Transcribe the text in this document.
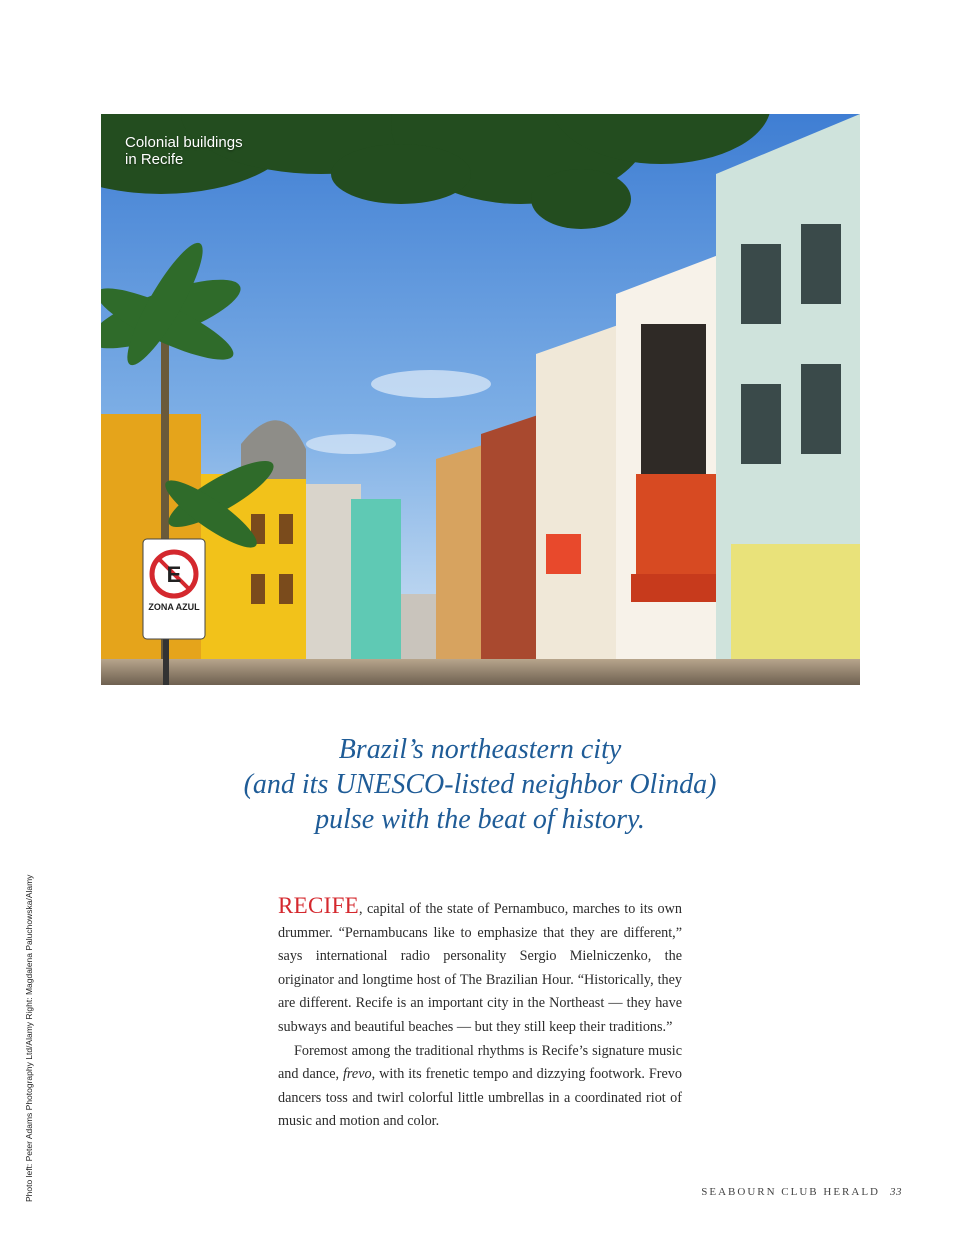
E
ZONA AZUL
Colonial buildings
in Recife
Brazil’s northeastern city
(and its UNESCO-listed neighbor Olinda)
pulse with the beat of history.
Photo left: Peter Adams Photography Ltd/Alamy Right: Magdalena Paluchowska/Alamy	RECIFE, capital of the state of Pernambuco, marches to its own drummer. “Pernambucans like to emphasize that they are different,” says international radio personality Sergio Mielniczenko, the originator and longtime host of The Brazilian Hour. “Historically, they are different. Recife is an important city in the Northeast — they have subways and beautiful beaches — but they still keep their traditions.”

Foremost among the traditional rhythms is Recife’s signature music and dance, frevo, with its frenetic tempo and dizzying footwork. Frevo dancers toss and twirl colorful little umbrellas in a coordinated riot of music and motion and color.

SEABOURN CLUB HERALD 33
